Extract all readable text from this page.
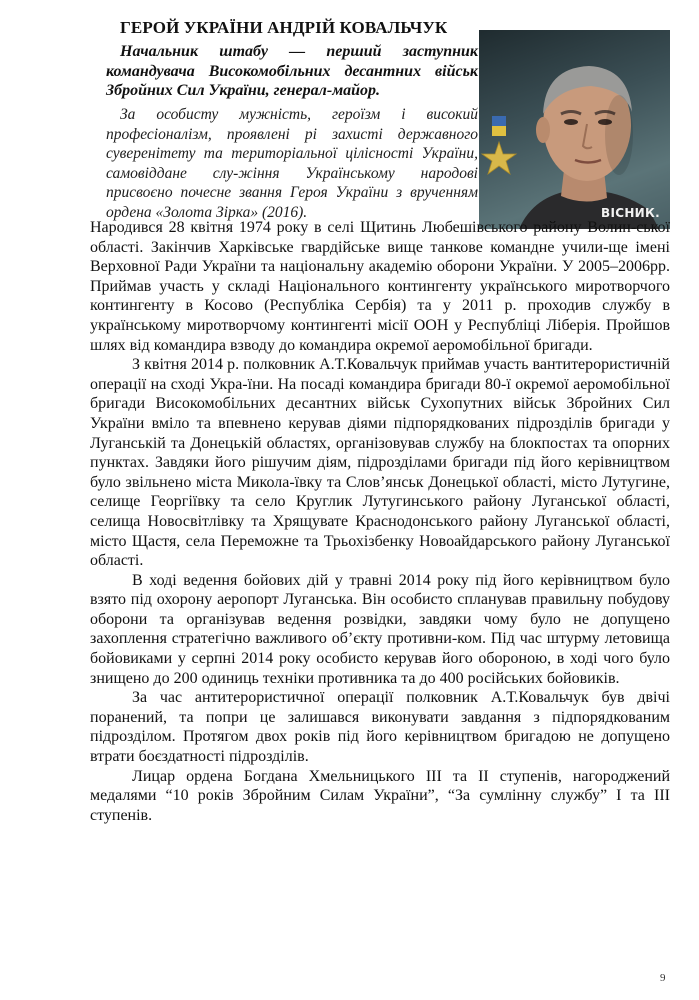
ГЕРОЙ УКРАЇНИ АНДРІЙ КОВАЛЬЧУК
Начальник штабу — перший заступник командувача Високомобільних десантних військ Збройних Сил України, генерал-майор.
За особисту мужність, героїзм і високий професіоналізм, проявлені рі захисті державного суверенітету та територіальної цілісності України, самовіддане слу-жіння Українському народові присвоєно почесне звання Героя України з врученням ордена «Золота Зірка» (2016).	ВІСНИК.

Народився 28 квітня 1974 року в селі Щитинь Любешівського району Волин-ської області. Закінчив Харківське гвардійське вище танкове командне учили-ще імені Верховної Ради України та національну академію оборони України. У 2005–2006рр. Приймав участь у складі Національного контингенту українського миротворчого контингенту в Косово (Республіка Сербія) та у 2011 р. проходив службу в українському миротворчому контингенті місії ООН у Республіці Ліберія. Пройшов шлях від командира взводу до командира окремої аеромобільної бригади.

З квітня 2014 р. полковник А.Т.Ковальчук приймав участь вантитерористичній операції на сході Укра-їни. На посаді командира бригади 80-ї окремої аеромобільної бригади Високомобільних десантних військ Сухопутних військ Збройних Сил України вміло та впевнено керував діями підпорядкованих підрозділів бригади у Луганській та Донецькій областях, організовував службу на блокпостах та опорних пунктах. Завдяки його рішучим діям, підрозділами бригади під його керівництвом було звільнено міста Микола-ївку та Слов’янськ Донецької області, місто Лутугине, селище Георгіївку та село Круглик Лутугинського району Луганської області, селища Новосвітлівку та Хрящувате Краснодонського району Луганської області, місто Щастя, села Переможне та Трьохізбенку Новоайдарського району Луганської області.

В ході ведення бойових дій у травні 2014 року під його керівництвом було взято під охорону аеропорт Луганська. Він особисто спланував правильну побудову оборони та організував ведення розвідки, завдяки чому було не допущено захоплення стратегічно важливого об’єкту противни-ком. Під час штурму летовища бойовиками у серпні 2014 року особисто керував його обороною, в ході чого було знищено до 200 одиниць техніки противника та до 400 російських бойовиків.

За час антитерористичної операції полковник А.Т.Ковальчук був двічі поранений, та попри це залишався виконувати завдання з підпорядкованим підрозділом. Протягом двох років під його керівництвом бригадою не допущено втрати боєздатності підрозділів.

Лицар ордена Богдана Хмельницького ІІІ та ІІ ступенів, нагороджений медалями “10 років Збройним Силам України”, “За сумлінну службу” І та ІІІ ступенів.

9
